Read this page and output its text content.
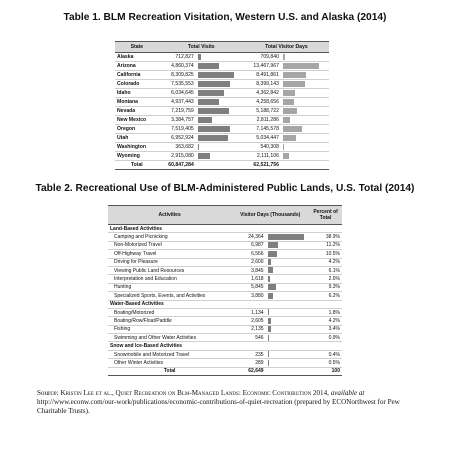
Table 1. BLM Recreation Visitation, Western U.S. and Alaska (2014)
State	Total Visits		Total Visitor Days	
Alaska	712,827		709,840	
Arizona	4,860,374		13,467,967	
California	8,309,825		8,491,861	
Colorado	7,535,553		8,399,143	
Idaho	6,034,645		4,362,842	
Montana	4,937,443		4,258,656	
Nevada	7,219,759		5,188,722	
New Mexico	3,384,757		2,811,286	
Oregon	7,519,405		7,145,578	
Utah	6,952,924		5,034,447	
Washington	363,682		540,308	
Wyoming	2,915,080		2,111,106	
Total	60,847,284		62,521,756	
Table 2. Recreational Use of BLM-Administered Public Lands, U.S. Total (2014)
Activities	Visitor Days (Thousands)		Percent of Total
Land-Based Activities			
Camping and Picnicking	24,364		38.9%
Non-Motorized Travel	6,987		11.2%
Off-Highway Travel	6,566		10.5%
Driving for Pleasure	2,600		4.2%
Viewing Public Land Resources	3,845		6.1%
Interpretation and Education	1,618		2.6%
Hunting	5,845		9.3%
Specialized Sports, Events, and Activities	3,880		6.2%
Water-Based Activities			
Boating/Motorized	1,134		1.8%
Boating/Row/Float/Paddle	2,605		4.2%
Fishing	2,135		3.4%
Swimming and Other Water Activities	546		0.9%
Snow and Ice-Based Activities			
Snowmobile and Motorized Travel	235		0.4%
Other Winter Activities	289		0.5%
Total	62,649		100
Source: Kristin Lee et al., Quiet Recreation on Blm-Managed Lands: Economic Contribution 2014, available at http://www.econw.com/our-work/publications/economic-contributions-of-quiet-recreation (prepared by ECONorthwest for Pew Charitable Trusts).
